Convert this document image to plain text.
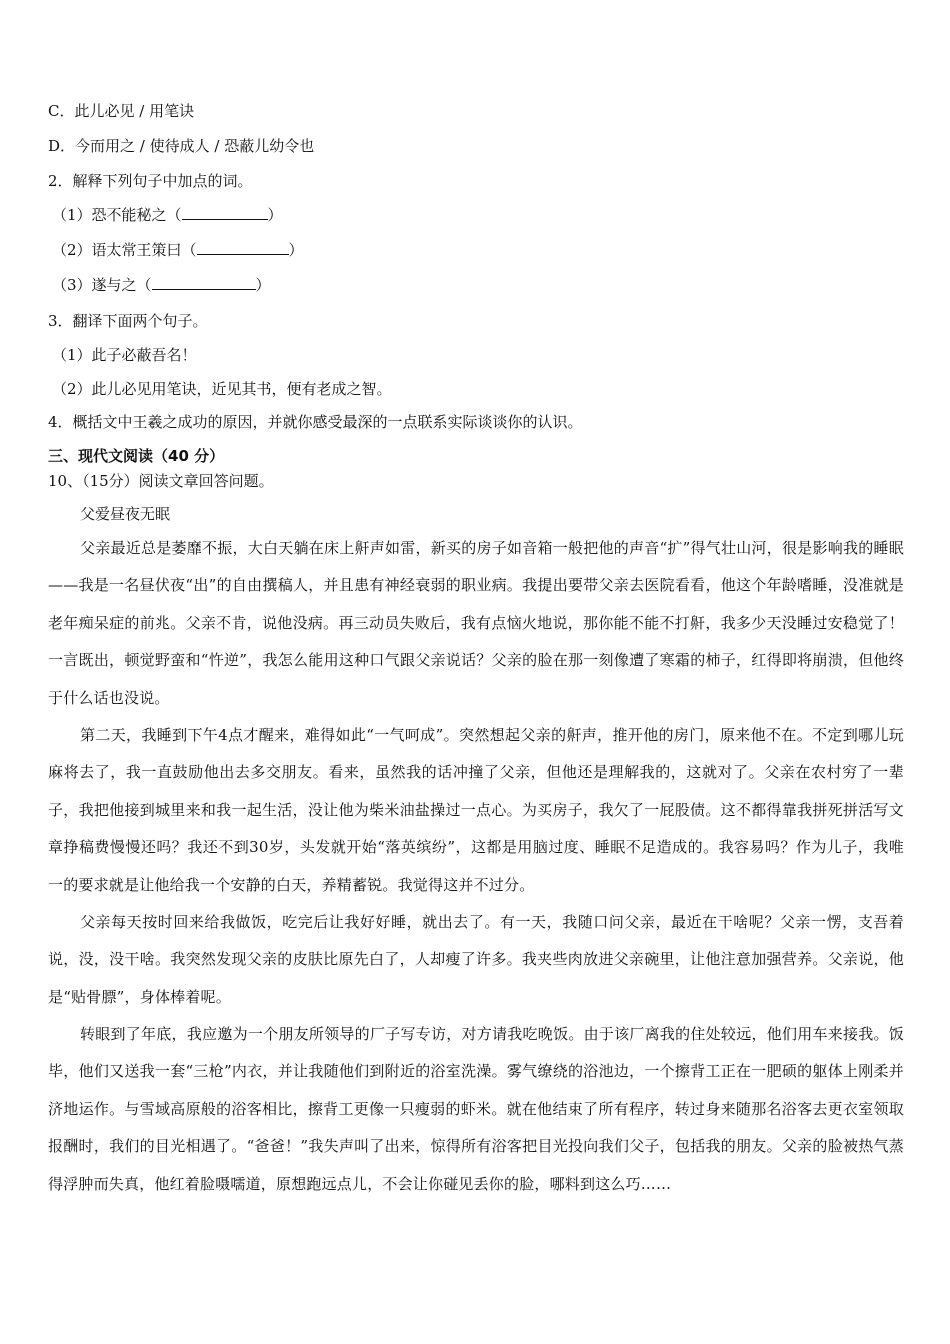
C．此儿必见 / 用笔诀
D．今而用之 / 使待成人 / 恐蔽儿幼令也
2．解释下列句子中加点的词。
（1）恐不能秘之（	）
（2）语太常王策曰（	）
（3）遂与之（	）
3．翻译下面两个句子。
（1）此子必蔽吾名！
（2）此儿必见用笔诀，近见其书，便有老成之智。
4．概括文中王羲之成功的原因，并就你感受最深的一点联系实际谈谈你的认识。
三、现代文阅读（40 分）
10、（15分）阅读文章回答问题。
父爱昼夜无眠
父亲最近总是萎靡不振，大白天躺在床上鼾声如雷，新买的房子如音箱一般把他的声音“扩”得气壮山河，很是影响我的睡眠——我是一名昼伏夜“出”的自由撰稿人，并且患有神经衰弱的职业病。我提出要带父亲去医院看看，他这个年龄嗜睡，没准就是老年痴呆症的前兆。父亲不肯，说他没病。再三动员失败后，我有点恼火地说，那你能不能不打鼾，我多少天没睡过安稳觉了！一言既出，顿觉野蛮和“忤逆”，我怎么能用这种口气跟父亲说话？父亲的脸在那一刻像遭了寒霜的柿子，红得即将崩溃，但他终于什么话也没说。
第二天，我睡到下午4点才醒来，难得如此“一气呵成”。突然想起父亲的鼾声，推开他的房门，原来他不在。不定到哪儿玩麻将去了，我一直鼓励他出去多交朋友。看来，虽然我的话冲撞了父亲，但他还是理解我的，这就对了。父亲在农村穷了一辈子，我把他接到城里来和我一起生活，没让他为柴米油盐操过一点心。为买房子，我欠了一屁股债。这不都得靠我拼死拼活写文章挣稿费慢慢还吗？我还不到30岁，头发就开始“落英缤纷”，这都是用脑过度、睡眠不足造成的。我容易吗？作为儿子，我唯一的要求就是让他给我一个安静的白天，养精蓄锐。我觉得这并不过分。
父亲每天按时回来给我做饭，吃完后让我好好睡，就出去了。有一天，我随口问父亲，最近在干啥呢？父亲一愣，支吾着说，没，没干啥。我突然发现父亲的皮肤比原先白了，人却瘦了许多。我夹些肉放进父亲碗里，让他注意加强营养。父亲说，他是“贴骨膘”，身体棒着呢。
转眼到了年底，我应邀为一个朋友所领导的厂子写专访，对方请我吃晚饭。由于该厂离我的住处较远，他们用车来接我。饭毕，他们又送我一套“三枪”内衣，并让我随他们到附近的浴室洗澡。雾气缭绕的浴池边，一个擦背工正在一肥硕的躯体上刚柔并济地运作。与雪域高原般的浴客相比，擦背工更像一只瘦弱的虾米。就在他结束了所有程序，转过身来随那名浴客去更衣室领取报酬时，我们的目光相遇了。“爸爸！”我失声叫了出来，惊得所有浴客把目光投向我们父子，包括我的朋友。父亲的脸被热气蒸得浮肿而失真，他红着脸嗫嚅道，原想跑远点儿，不会让你碰见丢你的脸，哪料到这么巧……
